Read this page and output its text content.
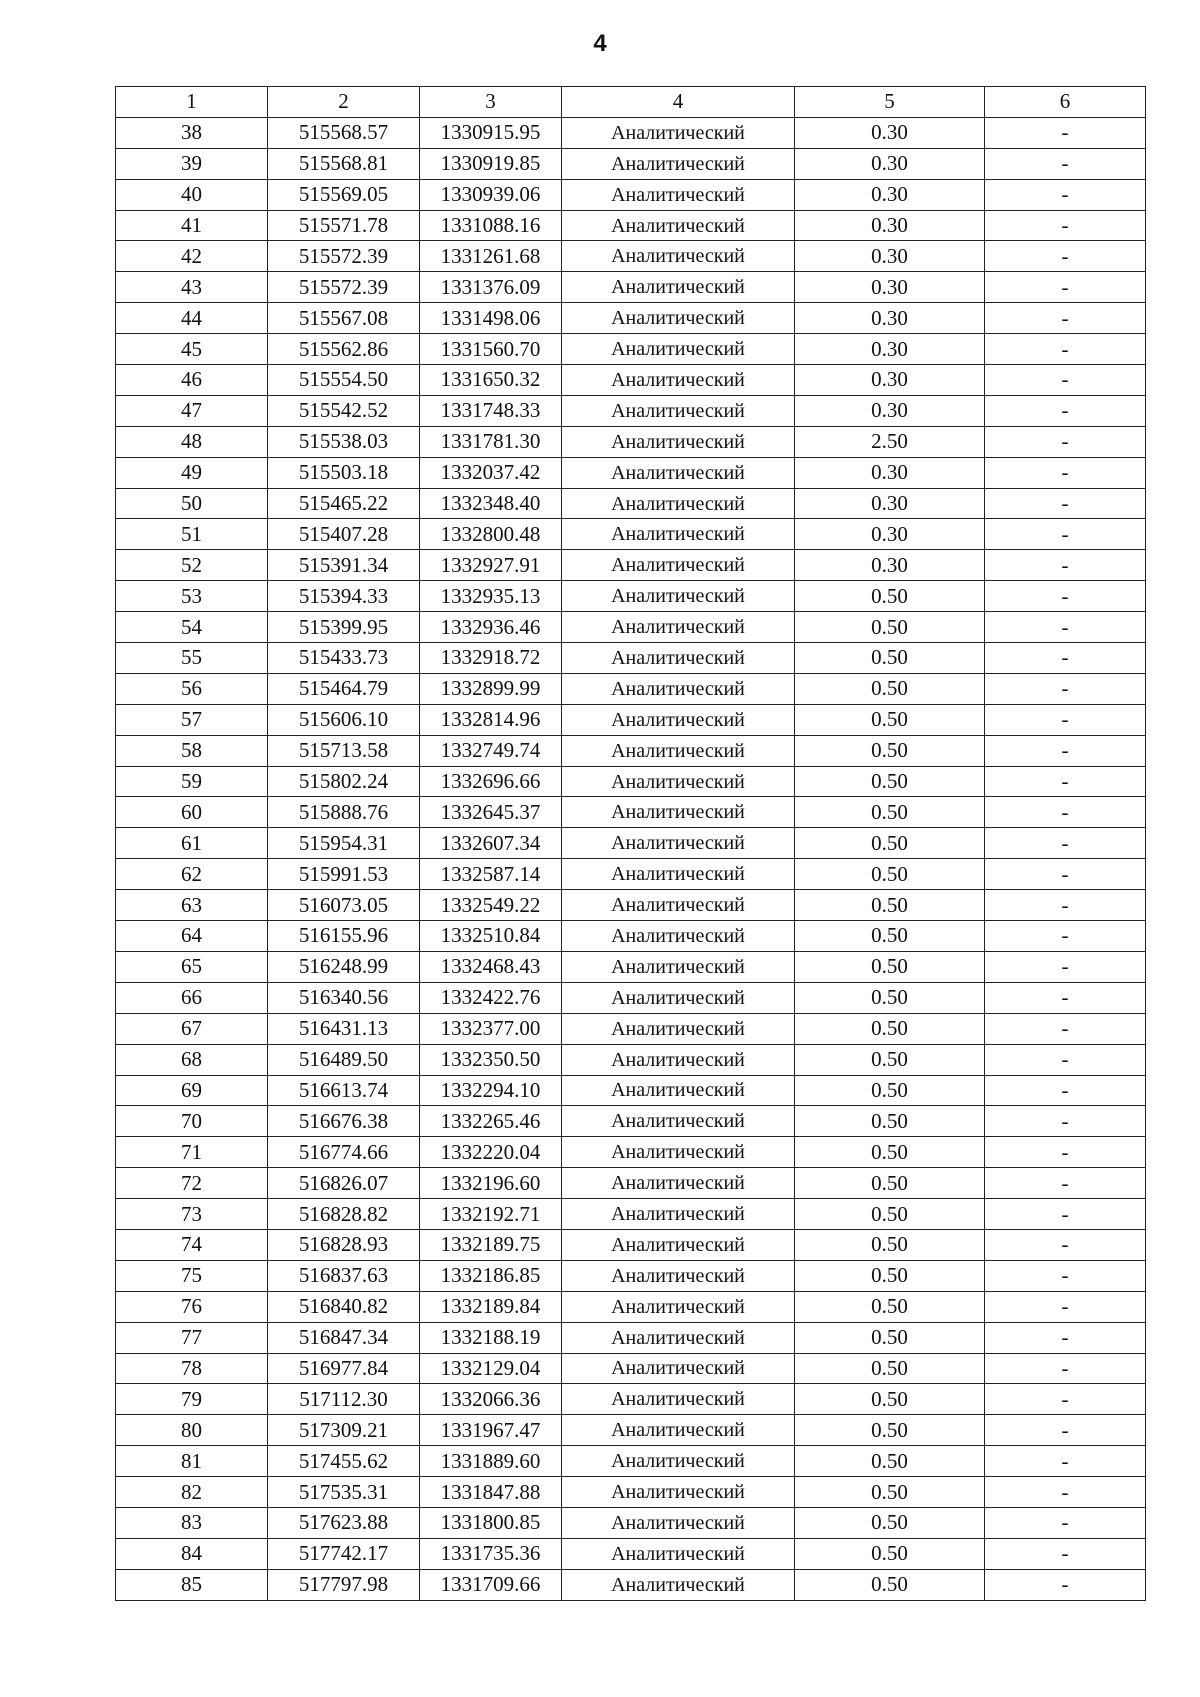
4
1	2	3	4	5	6
38	515568.57	1330915.95	Аналитический	0.30	-
39	515568.81	1330919.85	Аналитический	0.30	-
40	515569.05	1330939.06	Аналитический	0.30	-
41	515571.78	1331088.16	Аналитический	0.30	-
42	515572.39	1331261.68	Аналитический	0.30	-
43	515572.39	1331376.09	Аналитический	0.30	-
44	515567.08	1331498.06	Аналитический	0.30	-
45	515562.86	1331560.70	Аналитический	0.30	-
46	515554.50	1331650.32	Аналитический	0.30	-
47	515542.52	1331748.33	Аналитический	0.30	-
48	515538.03	1331781.30	Аналитический	2.50	-
49	515503.18	1332037.42	Аналитический	0.30	-
50	515465.22	1332348.40	Аналитический	0.30	-
51	515407.28	1332800.48	Аналитический	0.30	-
52	515391.34	1332927.91	Аналитический	0.30	-
53	515394.33	1332935.13	Аналитический	0.50	-
54	515399.95	1332936.46	Аналитический	0.50	-
55	515433.73	1332918.72	Аналитический	0.50	-
56	515464.79	1332899.99	Аналитический	0.50	-
57	515606.10	1332814.96	Аналитический	0.50	-
58	515713.58	1332749.74	Аналитический	0.50	-
59	515802.24	1332696.66	Аналитический	0.50	-
60	515888.76	1332645.37	Аналитический	0.50	-
61	515954.31	1332607.34	Аналитический	0.50	-
62	515991.53	1332587.14	Аналитический	0.50	-
63	516073.05	1332549.22	Аналитический	0.50	-
64	516155.96	1332510.84	Аналитический	0.50	-
65	516248.99	1332468.43	Аналитический	0.50	-
66	516340.56	1332422.76	Аналитический	0.50	-
67	516431.13	1332377.00	Аналитический	0.50	-
68	516489.50	1332350.50	Аналитический	0.50	-
69	516613.74	1332294.10	Аналитический	0.50	-
70	516676.38	1332265.46	Аналитический	0.50	-
71	516774.66	1332220.04	Аналитический	0.50	-
72	516826.07	1332196.60	Аналитический	0.50	-
73	516828.82	1332192.71	Аналитический	0.50	-
74	516828.93	1332189.75	Аналитический	0.50	-
75	516837.63	1332186.85	Аналитический	0.50	-
76	516840.82	1332189.84	Аналитический	0.50	-
77	516847.34	1332188.19	Аналитический	0.50	-
78	516977.84	1332129.04	Аналитический	0.50	-
79	517112.30	1332066.36	Аналитический	0.50	-
80	517309.21	1331967.47	Аналитический	0.50	-
81	517455.62	1331889.60	Аналитический	0.50	-
82	517535.31	1331847.88	Аналитический	0.50	-
83	517623.88	1331800.85	Аналитический	0.50	-
84	517742.17	1331735.36	Аналитический	0.50	-
85	517797.98	1331709.66	Аналитический	0.50	-
